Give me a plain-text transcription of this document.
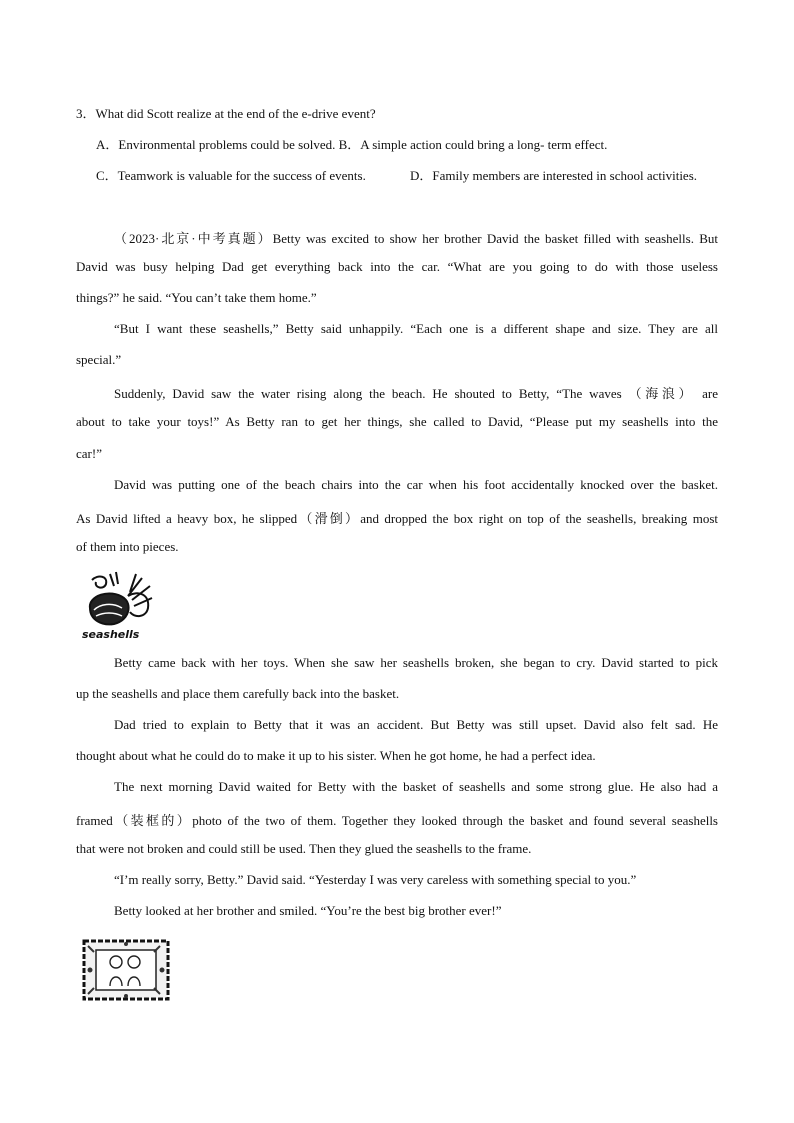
3．What did Scott realize at the end of the e-drive event?
A．Environmental problems could be solved. B．A simple action could bring a long- term effect.
C．Teamwork is valuable for the success of events.	D．Family members are interested in school activities.
（2023·北京·中考真题）Betty was excited to show her brother David the basket filled with seashells. But
David was busy helping Dad get everything back into the car. “What are you going to do with those useless
things?” he said. “You can’t take them home.”
“But I want these seashells,” Betty said unhappily. “Each one is a different shape and size. They are all
special.”
Suddenly, David saw the water rising along the beach. He shouted to Betty, “The waves （海浪） are
about to take your toys!” As Betty ran to get her things, she called to David, “Please put my seashells into the
car!”
David was putting one of the beach chairs into the car when his foot accidentally knocked over the basket.
As David lifted a heavy box, he slipped（滑倒）and dropped the box right on top of the seashells, breaking most
of them into pieces.
seashells
Betty came back with her toys. When she saw her seashells broken, she began to cry. David started to pick
up the seashells and place them carefully back into the basket.
Dad tried to explain to Betty that it was an accident. But Betty was still upset. David also felt sad. He
thought about what he could do to make it up to his sister. When he got home, he had a perfect idea.
The next morning David waited for Betty with the basket of seashells and some strong glue. He also had a
framed（装框的）photo of the two of them. Together they looked through the basket and found several seashells
that were not broken and could still be used. Then they glued the seashells to the frame.
“I’m really sorry, Betty.” David said. “Yesterday I was very careless with something special to you.”
Betty looked at her brother and smiled. “You’re the best big brother ever!”
